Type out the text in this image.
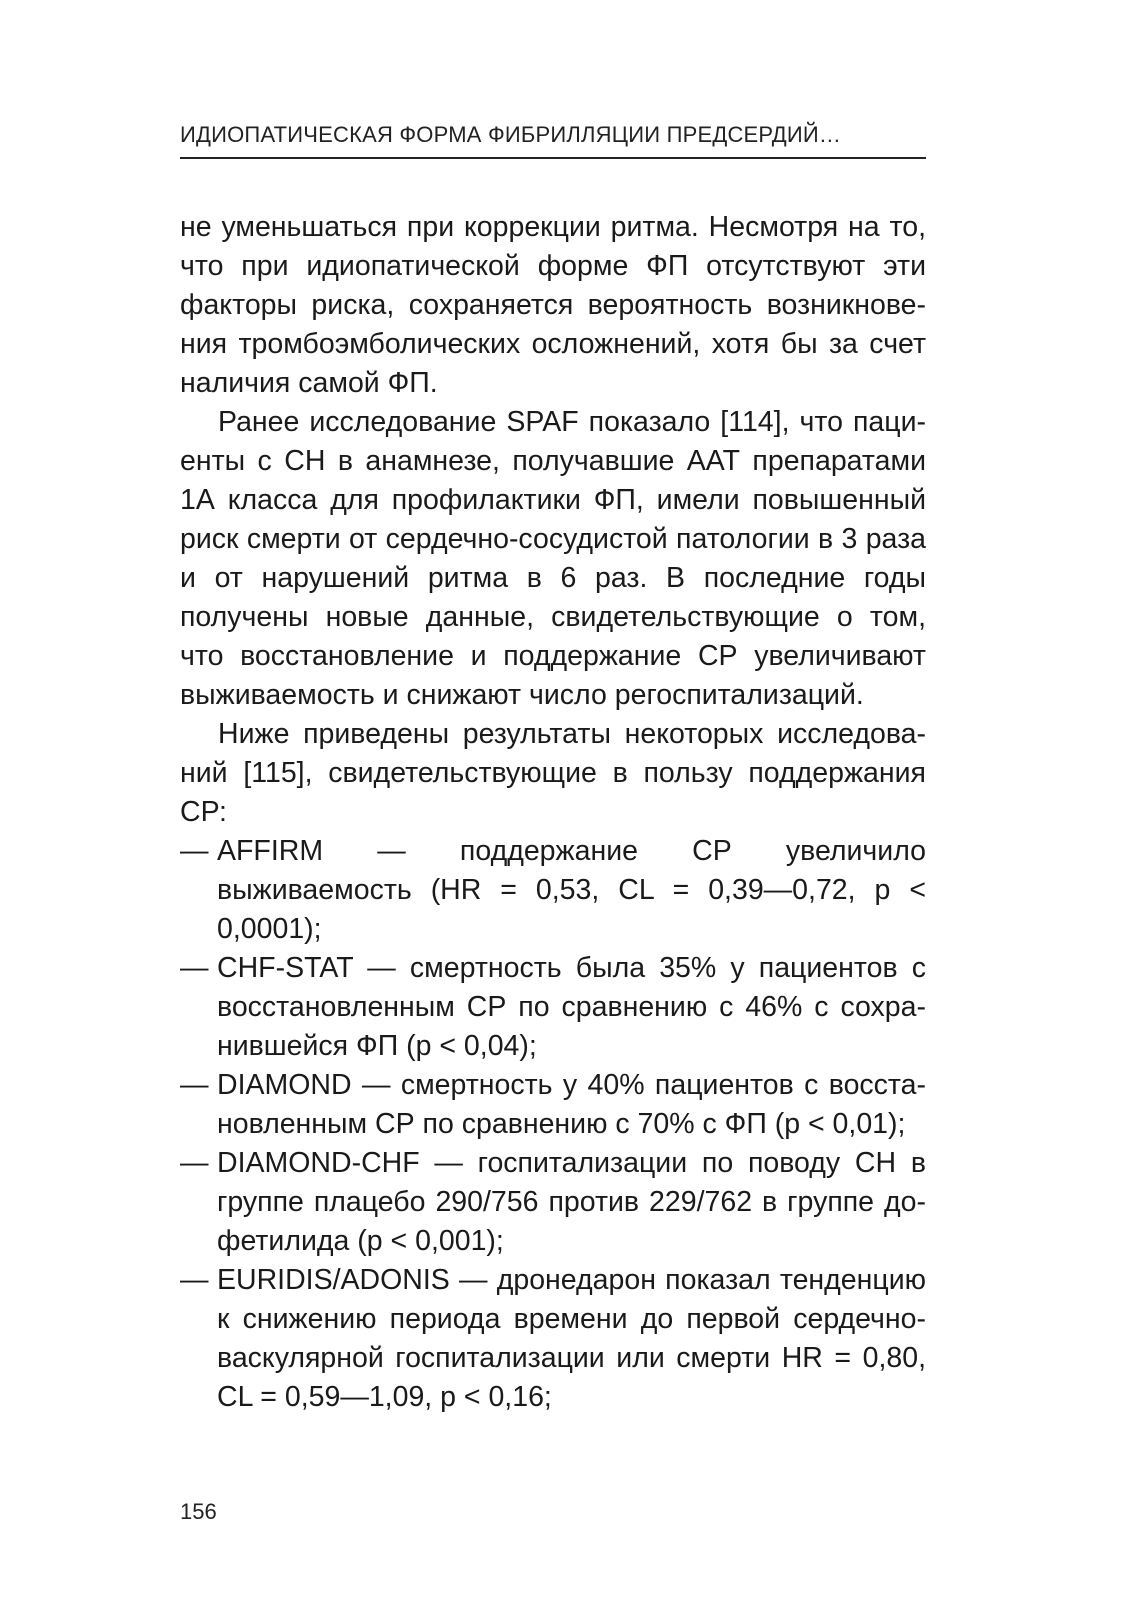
ИДИОПАТИЧЕСКАЯ ФОРМА ФИБРИЛЛЯЦИИ ПРЕДСЕРДИЙ…

не уменьшаться при коррекции ритма. Несмотря на то, что при идиопатической форме ФП отсутствуют эти факторы риска, сохраняется вероятность возникновения тромбоэмболических осложнений, хотя бы за счет наличия самой ФП.

Ранее исследование SPAF показало [114], что пациенты с СН в анамнезе, получавшие ААТ препаратами 1А класса для профилактики ФП, имели повышенный риск смерти от сердечно-сосудистой патологии в 3 раза и от нарушений ритма в 6 раз. В последние годы получены новые данные, свидетельствующие о том, что восстановление и поддержание СР увеличивают выживаемость и снижают число регоспитализаций.

Ниже приведены результаты некоторых исследований [115], свидетельствующие в пользу поддержания СР:

— AFFIRM — поддержание СР увеличило выживаемость (HR = 0,53, CL = 0,39—0,72, p < 0,0001);
— CHF-STAT — смертность была 35% у пациентов с восстановленным СР по сравнению с 46% с сохранившейся ФП (p < 0,04);
— DIAMOND — смертность у 40% пациентов с восстановленным СР по сравнению с 70% с ФП (p < 0,01);
— DIAMOND-CHF — госпитализации по поводу СН в группе плацебо 290/756 против 229/762 в группе дофетилида (p < 0,001);
— EURIDIS/ADONIS — дронедарон показал тенденцию к снижению периода времени до первой сердечно-васкулярной госпитализации или смерти HR = 0,80, CL = 0,59—1,09, p < 0,16;
156
